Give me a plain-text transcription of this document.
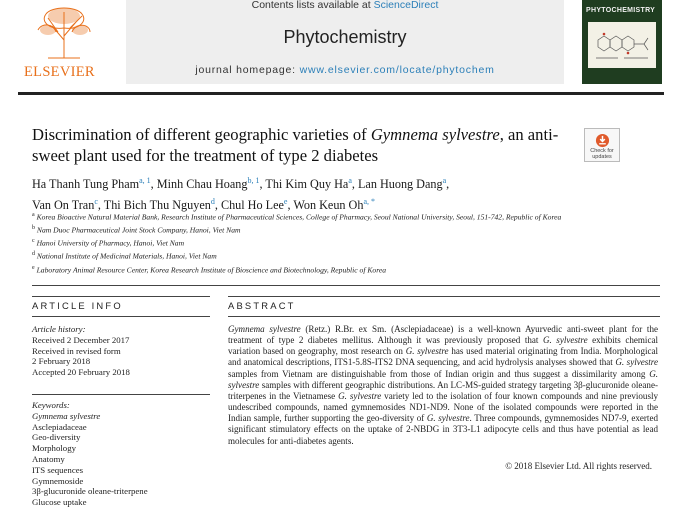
ELSEVIER
Contents lists available at ScienceDirect
Phytochemistry
journal homepage: www.elsevier.com/locate/phytochem
PHYTOCHEMISTRY
Discrimination of different geographic varieties of Gymnema sylvestre, an anti-sweet plant used for the treatment of type 2 diabetes	Check for
updates
Ha Thanh Tung Pham$^{a, 1}$, Minh Chau Hoang$^{b, 1}$, Thi Kim Quy Ha$^a$, Lan Huong Dang$^a$,
Van On Tran$^c$, Thi Bich Thu Nguyen$^d$, Chul Ho Lee$^e$, Won Keun $Oh^{a, *}$
$^a$ Korea Bioactive Natural Material Bank, Research Institute of Pharmaceutical Sciences, College of Pharmacy, Seoul National University, Seoul, 151-742, Republic of Korea
$^b$ Nam Duoc Pharmaceutical Joint Stock Company, Hanoi, Viet Nam
$^c$ Hanoi University of Pharmacy, Hanoi, Viet Nam
$^d$ National Institute of Medicinal Materials, Hanoi, Viet Nam
$^e$ Laboratory Animal Resource Center, Korea Research Institute of Bioscience and Biotechnology, Republic of Korea
ARTICLE INFO
Article history:
Received 2 December 2017
Received in revised form
2 February 2018
Accepted 20 February 2018
Keywords:
Gymnema sylvestre
Asclepiadaceae
Geo-diversity
Morphology
Anatomy
ITS sequences
Gymnemoside
3β-glucuronide oleane-triterpene
Glucose uptake
ABSTRACT
Gymnema sylvestre (Retz.) R.Br. ex Sm. (Asclepiadaceae) is a well-known Ayurvedic anti-sweet plant for the treatment of type 2 diabetes mellitus. Although it was previously proposed that G. sylvestre exhibits chemical variation based on geography, most research on G. sylvestre has used material originating from India. Morphological and anatomical descriptions, ITS1-5.8S-ITS2 DNA sequencing, and acid hydrolysis analyses showed that G. sylvestre samples from Vietnam are distinguishable from those of Indian origin and thus suggest a dissimilarity among G. sylvestre samples with different geographic distributions. An LC-MS-guided strategy targeting 3β-glucuronide oleane-triterpenes in the Vietnamese G. sylvestre variety led to the isolation of four known compounds and nine previously undescribed compounds, named gymnemosides ND1-ND9. None of the isolated compounds were reported in the Indian sample, further supporting the geo-diversity of G. sylvestre. Three compounds, gymnemosides ND7-9, exerted significant stimulatory effects on the uptake of 2-NBDG in 3T3-L1 adipocyte cells and thus have potential as lead molecules for anti-diabetes agents.
© 2018 Elsevier Ltd. All rights reserved.
